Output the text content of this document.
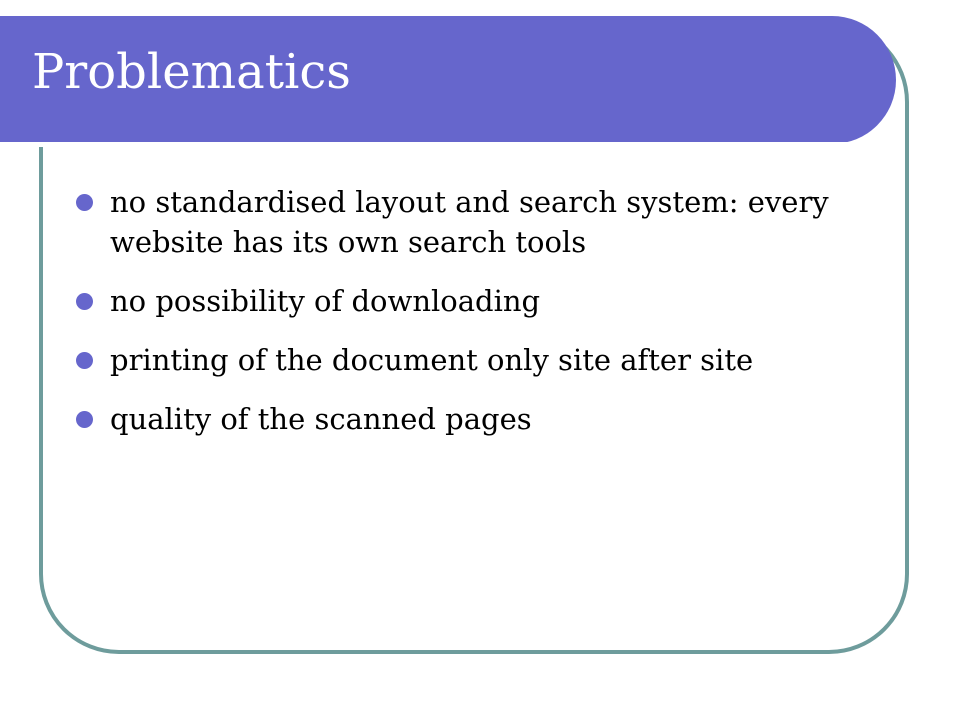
Problematics
no standardised layout and search system: every website has its own search tools
no possibility of downloading
printing of the document only site after site
quality of the scanned pages
